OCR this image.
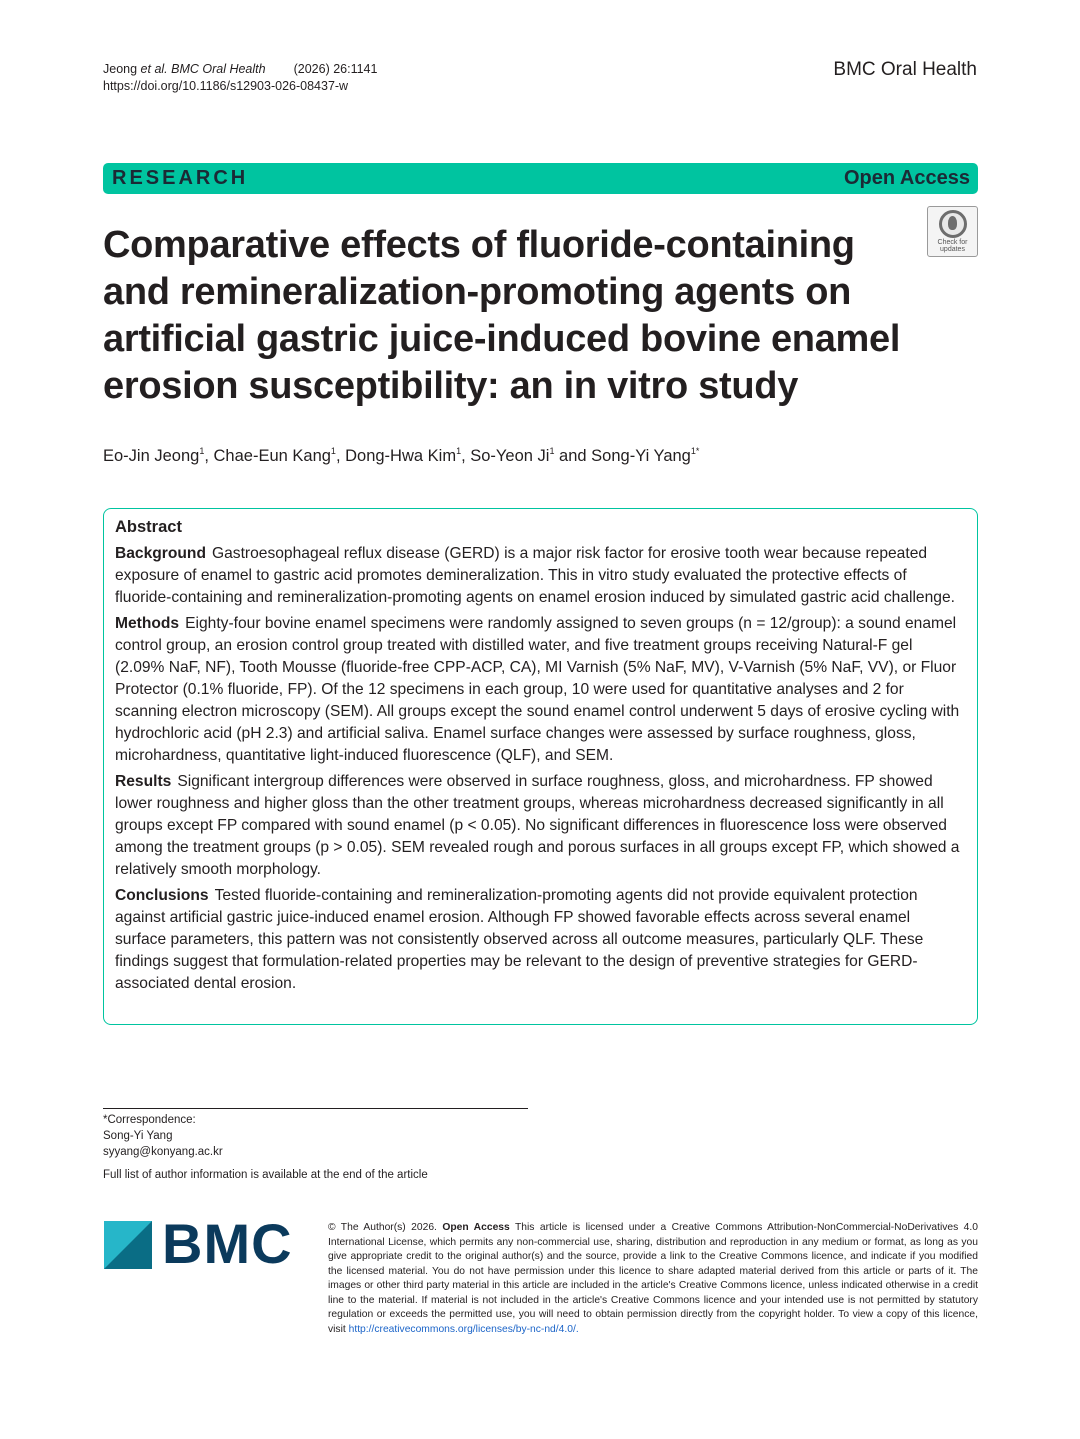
Jeong et al. BMC Oral Health (2026) 26:1141
https://doi.org/10.1186/s12903-026-08437-w
BMC Oral Health
RESEARCH	Open Access
Comparative effects of fluoride-containing and remineralization-promoting agents on artificial gastric juice-induced bovine enamel erosion susceptibility: an in vitro study
Check for updates
Eo-Jin Jeong$^1$, Chae-Eun Kang$^1$, Dong-Hwa Kim$^1$, So-Yeon Ji$^1$ and Song-Yi Yang$^{1*}$
Abstract

Background Gastroesophageal reflux disease (GERD) is a major risk factor for erosive tooth wear because repeated exposure of enamel to gastric acid promotes demineralization. This in vitro study evaluated the protective effects of fluoride-containing and remineralization-promoting agents on enamel erosion induced by simulated gastric acid challenge.

Methods Eighty-four bovine enamel specimens were randomly assigned to seven groups (n = 12/group): a sound enamel control group, an erosion control group treated with distilled water, and five treatment groups receiving Natural-F gel (2.09% NaF, NF), Tooth Mousse (fluoride-free CPP-ACP, CA), MI Varnish (5% NaF, MV), V-Varnish (5% NaF, VV), or Fluor Protector (0.1% fluoride, FP). Of the 12 specimens in each group, 10 were used for quantitative analyses and 2 for scanning electron microscopy (SEM). All groups except the sound enamel control underwent 5 days of erosive cycling with hydrochloric acid (pH 2.3) and artificial saliva. Enamel surface changes were assessed by surface roughness, gloss, microhardness, quantitative light-induced fluorescence (QLF), and SEM.

Results Significant intergroup differences were observed in surface roughness, gloss, and microhardness. FP showed lower roughness and higher gloss than the other treatment groups, whereas microhardness decreased significantly in all groups except FP compared with sound enamel (p < 0.05). No significant differences in fluorescence loss were observed among the treatment groups (p > 0.05). SEM revealed rough and porous surfaces in all groups except FP, which showed a relatively smooth morphology.

Conclusions Tested fluoride-containing and remineralization-promoting agents did not provide equivalent protection against artificial gastric juice-induced enamel erosion. Although FP showed favorable effects across several enamel surface parameters, this pattern was not consistently observed across all outcome measures, particularly QLF. These findings suggest that formulation-related properties may be relevant to the design of preventive strategies for GERD-associated dental erosion.

*Correspondence:
Song-Yi Yang
syyang@konyang.ac.kr
Full list of author information is available at the end of the article
BMC	© The Author(s) 2026. Open Access This article is licensed under a Creative Commons Attribution-NonCommercial-NoDerivatives 4.0 International License, which permits any non-commercial use, sharing, distribution and reproduction in any medium or format, as long as you give appropriate credit to the original author(s) and the source, provide a link to the Creative Commons licence, and indicate if you modified the licensed material. You do not have permission under this licence to share adapted material derived from this article or parts of it. The images or other third party material in this article are included in the article's Creative Commons licence, unless indicated otherwise in a credit line to the material. If material is not included in the article's Creative Commons licence and your intended use is not permitted by statutory regulation or exceeds the permitted use, you will need to obtain permission directly from the copyright holder. To view a copy of this licence, visit http://creativecommons.org/licenses/by-nc-nd/4.0/.
